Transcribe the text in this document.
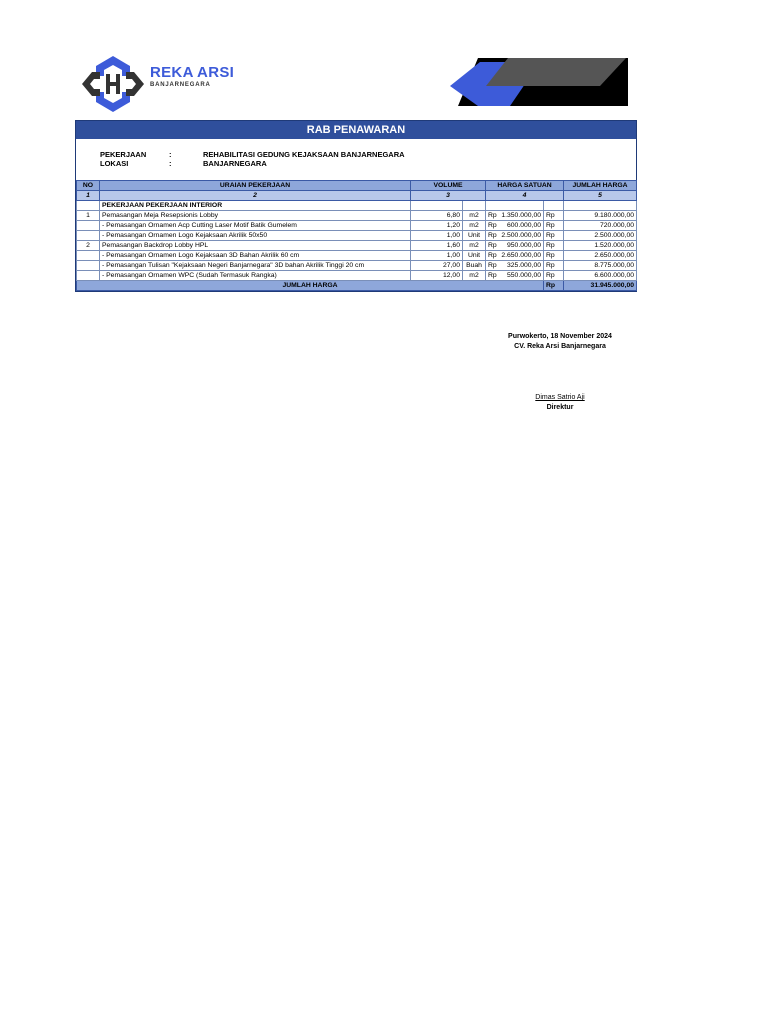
REKA ARSI
BANJARNEGARA
RAB PENAWARAN
PEKERJAAN	:	REHABILITASI GEDUNG KEJAKSAAN BANJARNEGARA
LOKASI	:	BANJARNEGARA
NO	URAIAN PEKERJAAN	VOLUME		HARGA SATUAN		JUMLAH HARGA
1	2	3		4		5
	PEKERJAAN PEKERJAAN INTERIOR					
1	Pemasangan Meja Resepsionis Lobby	6,80	m2	Rp 1.350.000,00	Rp	9.180.000,00
	- Pemasangan Ornamen Acp Cutting Laser Motif Batik Gumelem	1,20	m2	Rp 600.000,00	Rp	720.000,00
	- Pemasangan Ornamen Logo Kejaksaan Akrilik 50x50	1,00	Unit	Rp 2.500.000,00	Rp	2.500.000,00
2	Pemasangan Backdrop Lobby HPL	1,60	m2	Rp 950.000,00	Rp	1.520.000,00
	- Pemasangan Ornamen Logo Kejaksaan 3D Bahan Akrilik 60 cm	1,00	Unit	Rp 2.650.000,00	Rp	2.650.000,00
	- Pemasangan Tulisan "Kejaksaan Negeri Banjarnegara" 3D bahan Akrilik Tinggi 20 cm	27,00	Buah	Rp 325.000,00	Rp	8.775.000,00
	- Pemasangan Ornamen WPC (Sudah Termasuk Rangka)	12,00	m2	Rp 550.000,00	Rp	6.600.000,00
JUMLAH HARGA					Rp	31.945.000,00
Purwokerto, 18 November 2024
CV. Reka Arsi Banjarnegara
Dimas Satrio Aji
Direktur
